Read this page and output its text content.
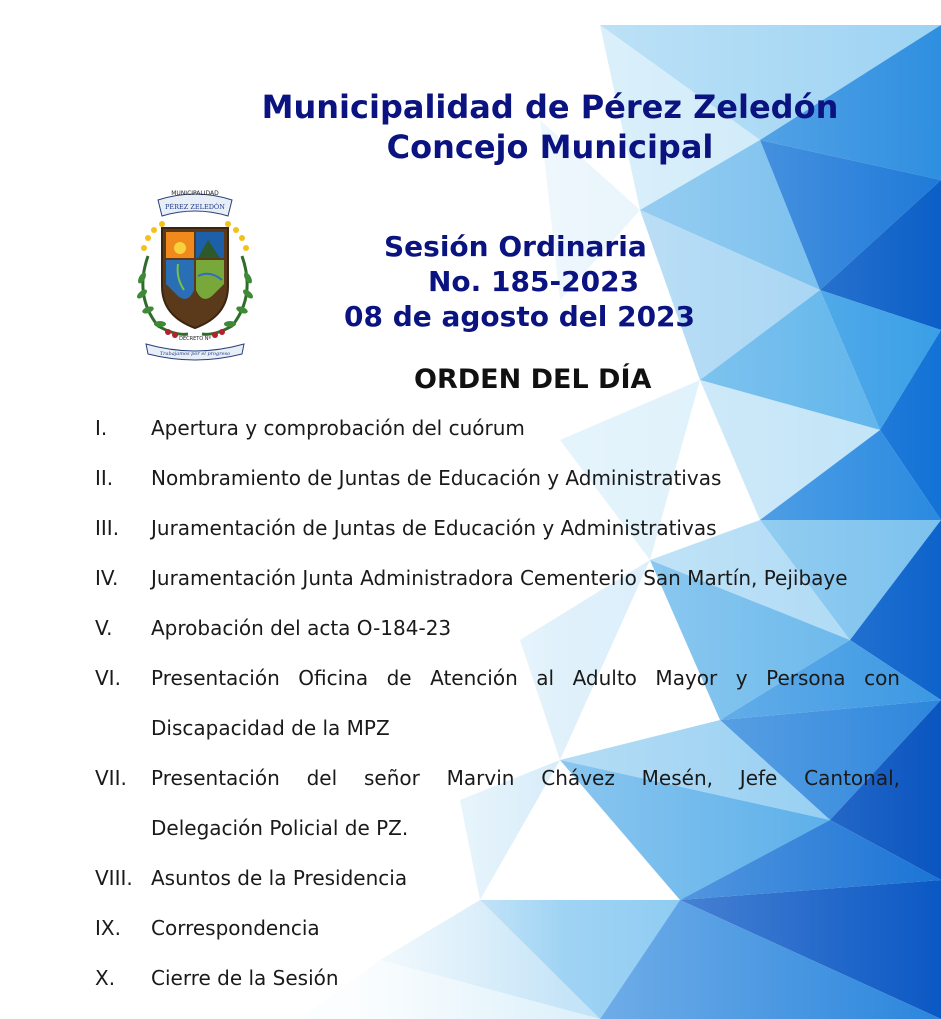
Municipalidad de Pérez Zeledón
Concejo Municipal
MUNICIPALIDAD
PÉREZ ZELEDÓN
DECRETO Nº
Trabajamos por el progreso

Sesión Ordinaria

No. 185-2023

08 de agosto del 2023

ORDEN DEL DÍA
I.	Apertura y comprobación del cuórum
II.	Nombramiento de Juntas de Educación y Administrativas
III.	Juramentación de Juntas de Educación y Administrativas
IV.	Juramentación Junta Administradora Cementerio San Martín, Pejibaye
V.	Aprobación del acta O-184-23
VI.	Presentación Oficina de Atención al Adulto Mayor y Persona con
Discapacidad de la MPZ
VII.	Presentación del señor Marvin Chávez Mesén, Jefe Cantonal,
Delegación Policial de PZ.
VIII. Asuntos de la Presidencia
IX.	Correspondencia
X.	Cierre de la Sesión
